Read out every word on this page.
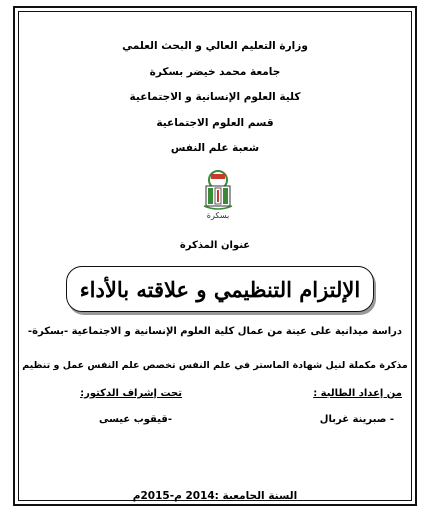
وزارة التعليم العالي و البحث العلمي
جامعة محمد خيضر بسكرة
كلية العلوم الإنسانية و الاجتماعية
قسم العلوم الاجتماعية
شعبة علم النفس
بسكرة
عنوان المذكرة
الإلتزام التنظيمي و علاقته بالأداء
دراسة ميدانية على عينة من عمال كلية العلوم الإنسانية و الاجتماعية -بسكرة-
مذكرة مكملة لنيل شهادة الماستر في علم النفس تخصص علم النفس عمل و تنظيم
من إعداد الطالبة :
تحت إشراف الدكتور:
- صبرينة غربال
-قيقوب عيسى
السنة الجامعية :2014 م-2015م
